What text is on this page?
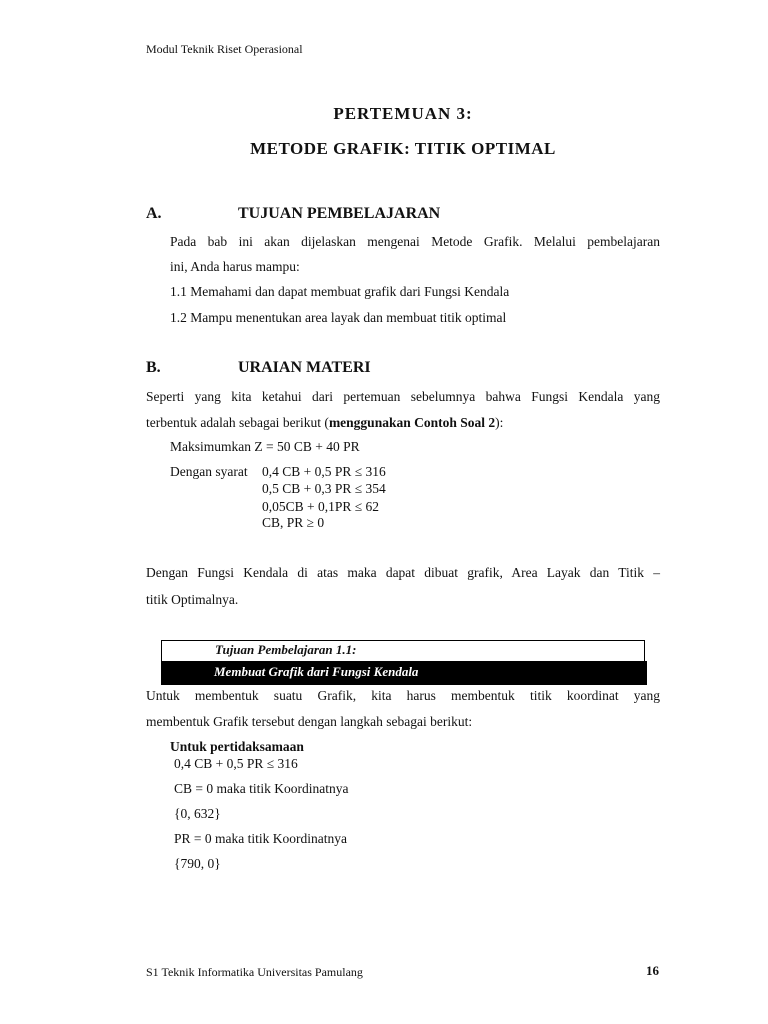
Modul Teknik Riset Operasional
PERTEMUAN 3:
METODE GRAFIK: TITIK OPTIMAL
A.	TUJUAN PEMBELAJARAN
Pada bab ini akan dijelaskan mengenai Metode Grafik. Melalui pembelajaran
ini, Anda harus mampu:
1.1 Memahami dan dapat membuat grafik dari Fungsi Kendala
1.2 Mampu menentukan area layak dan membuat titik optimal
B.	URAIAN MATERI
Seperti yang kita ketahui dari pertemuan sebelumnya bahwa Fungsi Kendala yang
terbentuk adalah sebagai berikut (menggunakan Contoh Soal 2):
Maksimumkan Z = 50 CB + 40 PR
Dengan syarat 0,4 CB + 0,5 PR ≤ 316
0,5 CB + 0,3 PR ≤ 354
0,05CB + 0,1PR ≤ 62
CB, PR ≥ 0
Dengan Fungsi Kendala di atas maka dapat dibuat grafik, Area Layak dan Titik –
titik Optimalnya.
Tujuan Pembelajaran 1.1:
Membuat Grafik dari Fungsi Kendala
Untuk membentuk suatu Grafik, kita harus membentuk titik koordinat yang
membentuk Grafik tersebut dengan langkah sebagai berikut:
Untuk pertidaksamaan
0,4 CB + 0,5 PR ≤ 316
CB = 0 maka titik Koordinatnya
{0, 632}
PR = 0 maka titik Koordinatnya
{790, 0}
S1 Teknik Informatika Universitas Pamulang	16
